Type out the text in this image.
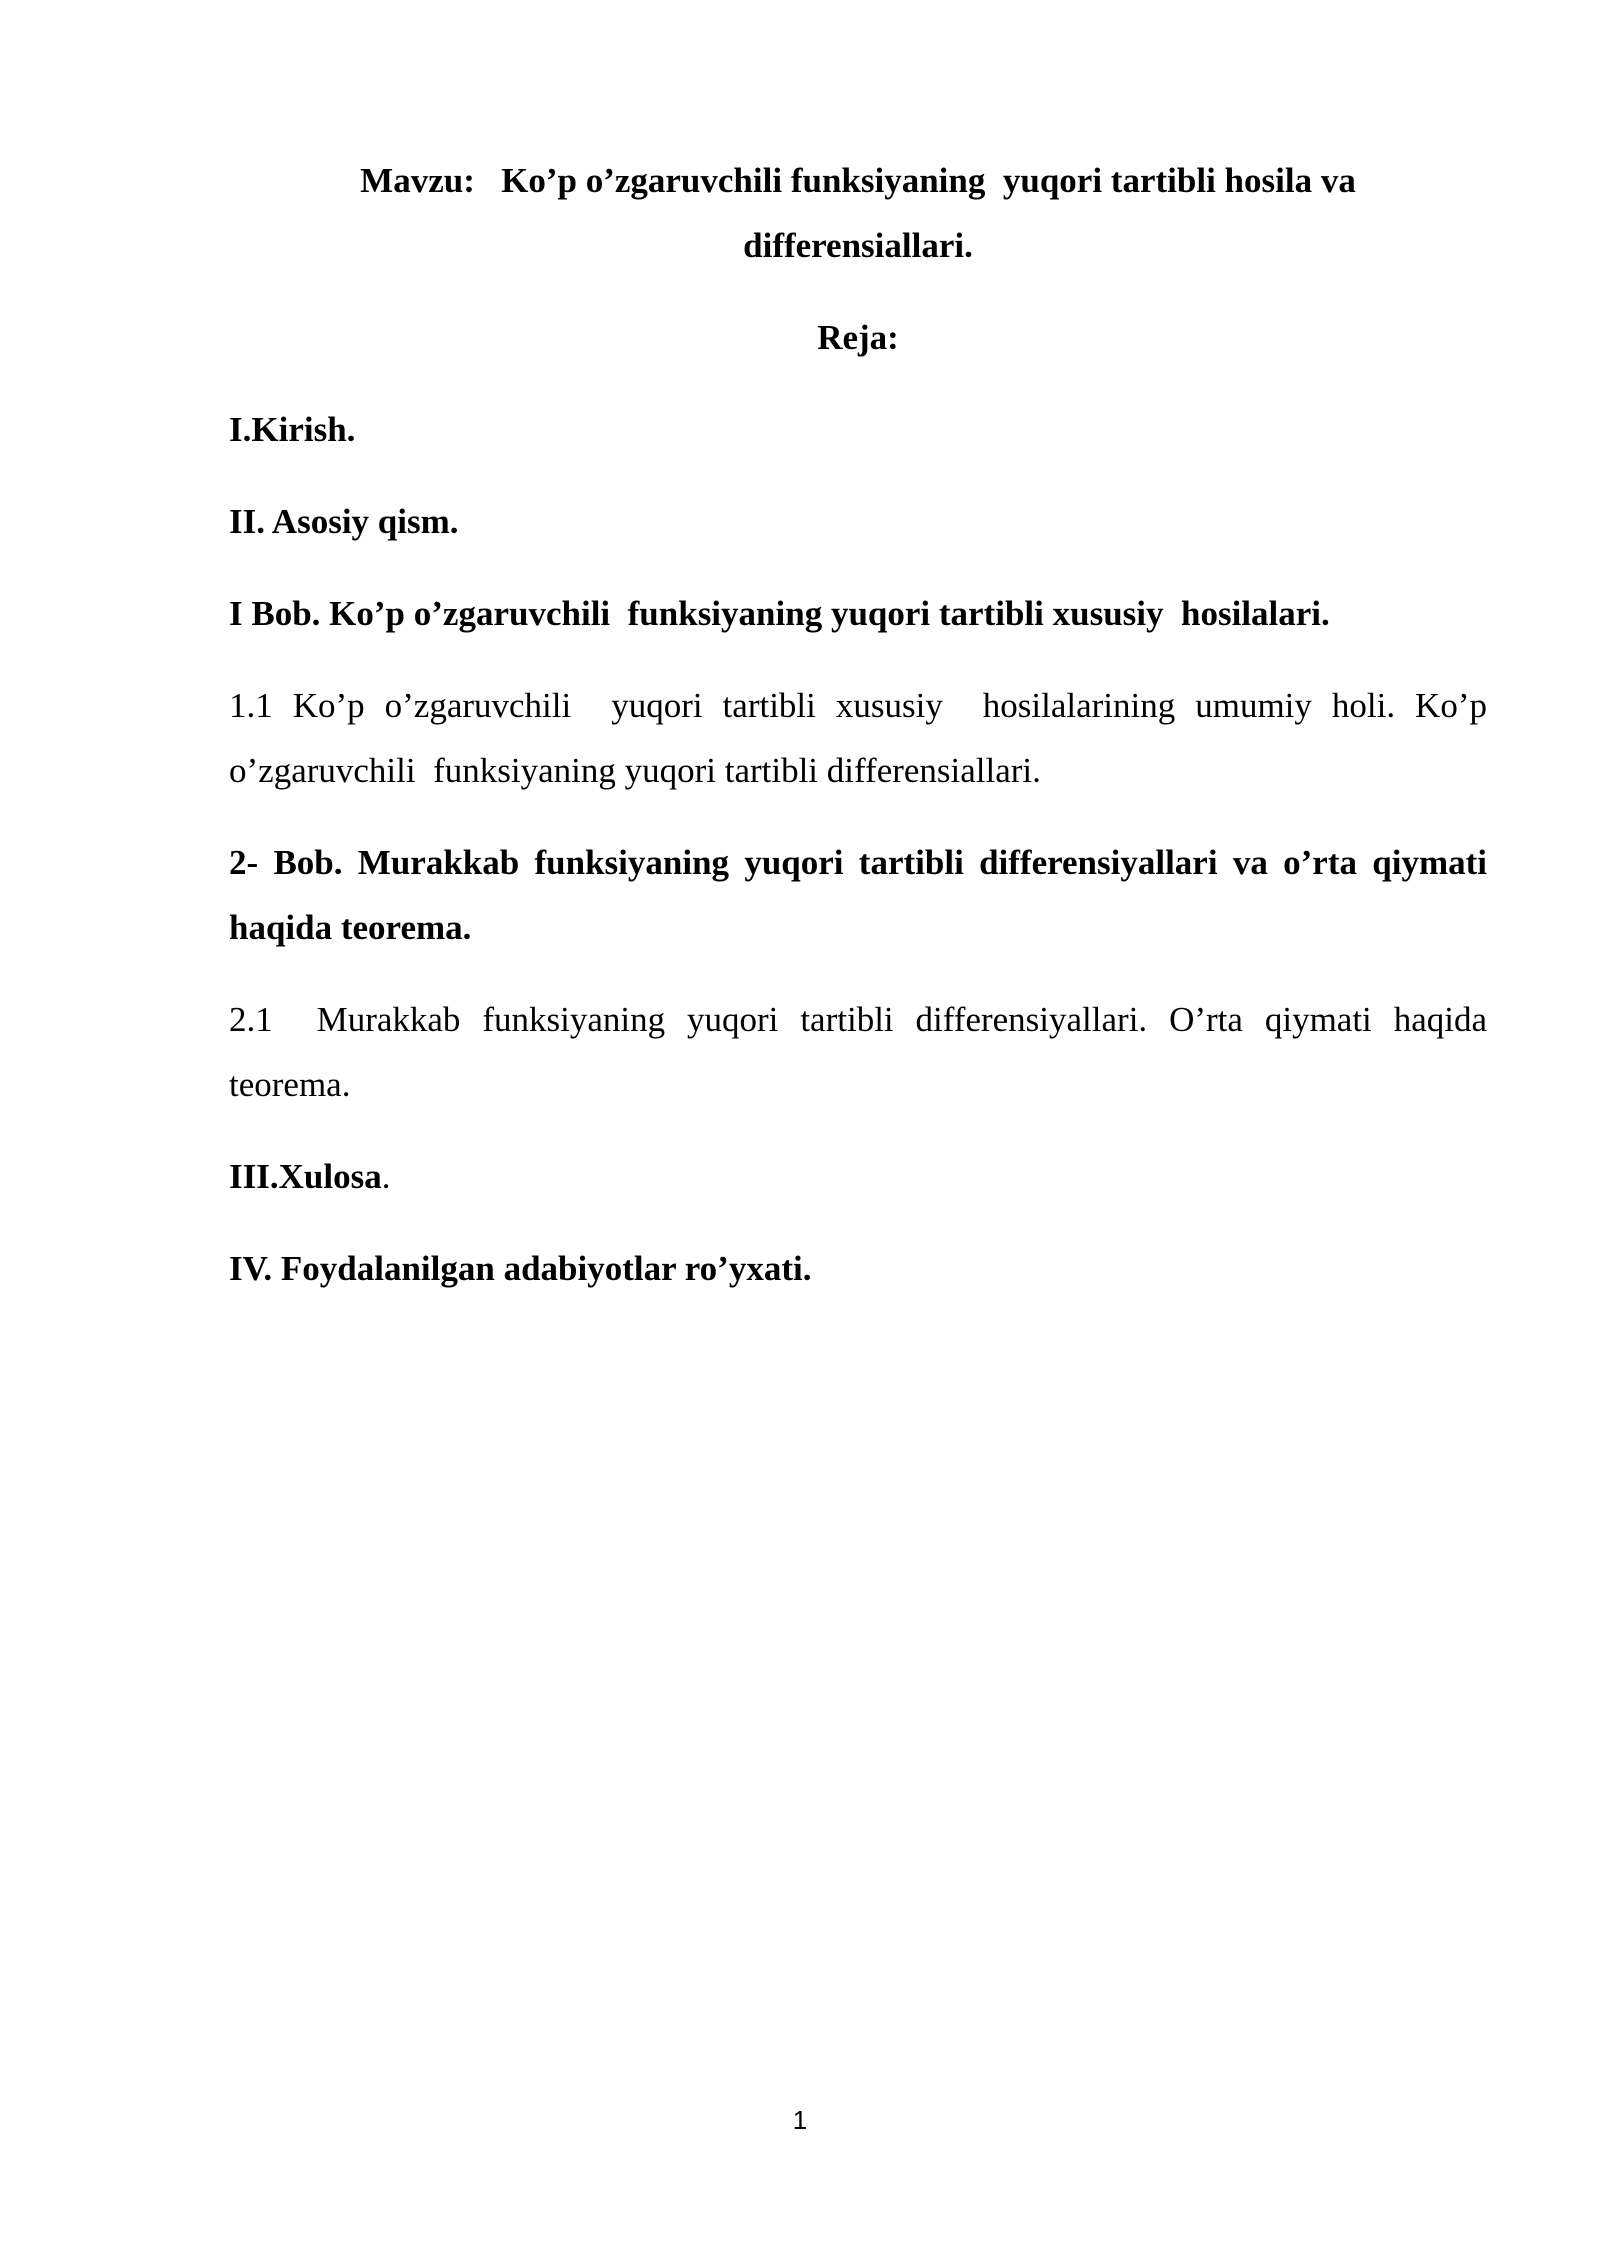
Mavzu:   Ko’p o’zgaruvchili funksiyaning  yuqori tartibli hosila va
differensiallari.

Reja:

I.Kirish.

II. Asosiy qism.

I Bob. Ko’p o’zgaruvchili  funksiyaning yuqori tartibli xususiy  hosilalari.

1.1 Ko’p o’zgaruvchili  yuqori tartibli xususiy  hosilalarining umumiy holi. Ko’p o’zgaruvchili  funksiyaning yuqori tartibli differensiallari.

2- Bob. Murakkab funksiyaning yuqori tartibli differensiyallari va o’rta qiymati haqida teorema.

2.1  Murakkab funksiyaning yuqori tartibli differensiyallari. O’rta qiymati haqida teorema.

III.Xulosa.

IV. Foydalanilgan adabiyotlar ro’yxati.

1
